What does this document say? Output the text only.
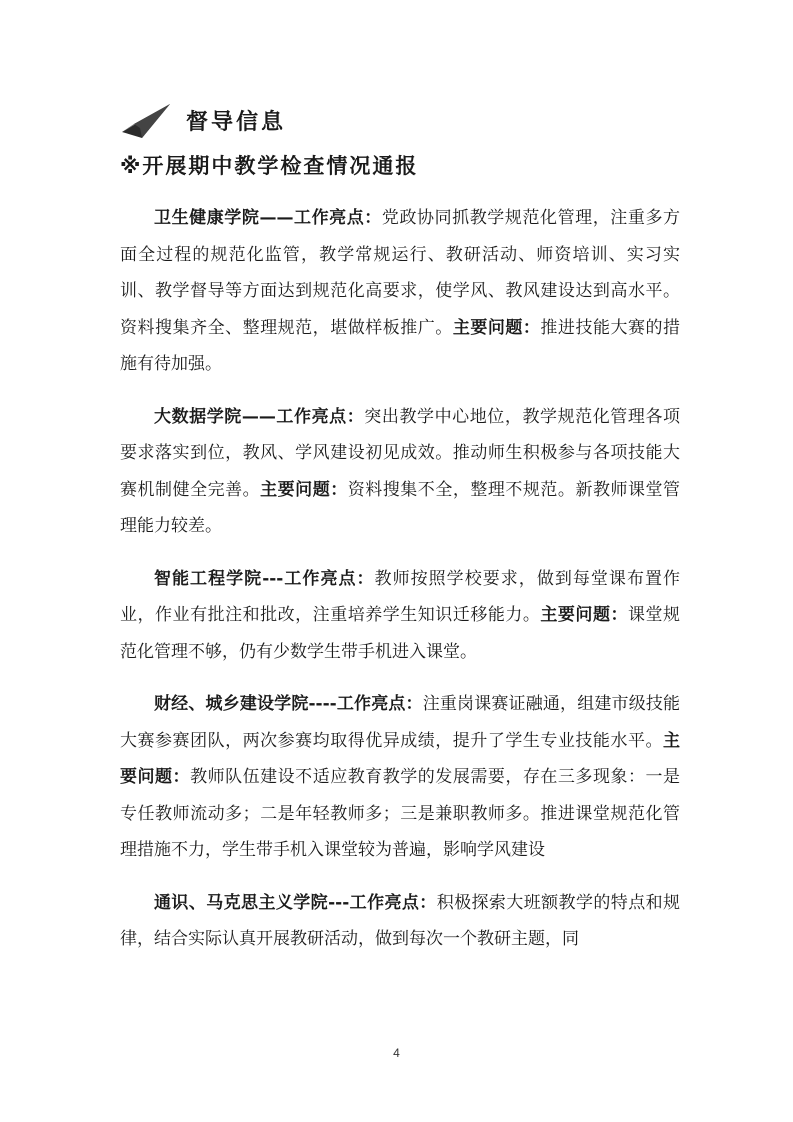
督导信息
※开展期中教学检查情况通报

卫生健康学院——工作亮点：党政协同抓教学规范化管理，注重多方面全过程的规范化监管，教学常规运行、教研活动、师资培训、实习实训、教学督导等方面达到规范化高要求，使学风、教风建设达到高水平。资料搜集齐全、整理规范，堪做样板推广。主要问题：推进技能大赛的措施有待加强。

大数据学院——工作亮点：突出教学中心地位，教学规范化管理各项要求落实到位，教风、学风建设初见成效。推动师生积极参与各项技能大赛机制健全完善。主要问题：资料搜集不全，整理不规范。新教师课堂管理能力较差。

智能工程学院---工作亮点：教师按照学校要求，做到每堂课布置作业，作业有批注和批改，注重培养学生知识迁移能力。主要问题：课堂规范化管理不够，仍有少数学生带手机进入课堂。

财经、城乡建设学院----工作亮点：注重岗课赛证融通，组建市级技能大赛参赛团队，两次参赛均取得优异成绩，提升了学生专业技能水平。主要问题：教师队伍建设不适应教育教学的发展需要，存在三多现象：一是专任教师流动多；二是年轻教师多；三是兼职教师多。推进课堂规范化管理措施不力，学生带手机入课堂较为普遍，影响学风建设

通识、马克思主义学院---工作亮点：积极探索大班额教学的特点和规律，结合实际认真开展教研活动，做到每次一个教研主题，同

4
